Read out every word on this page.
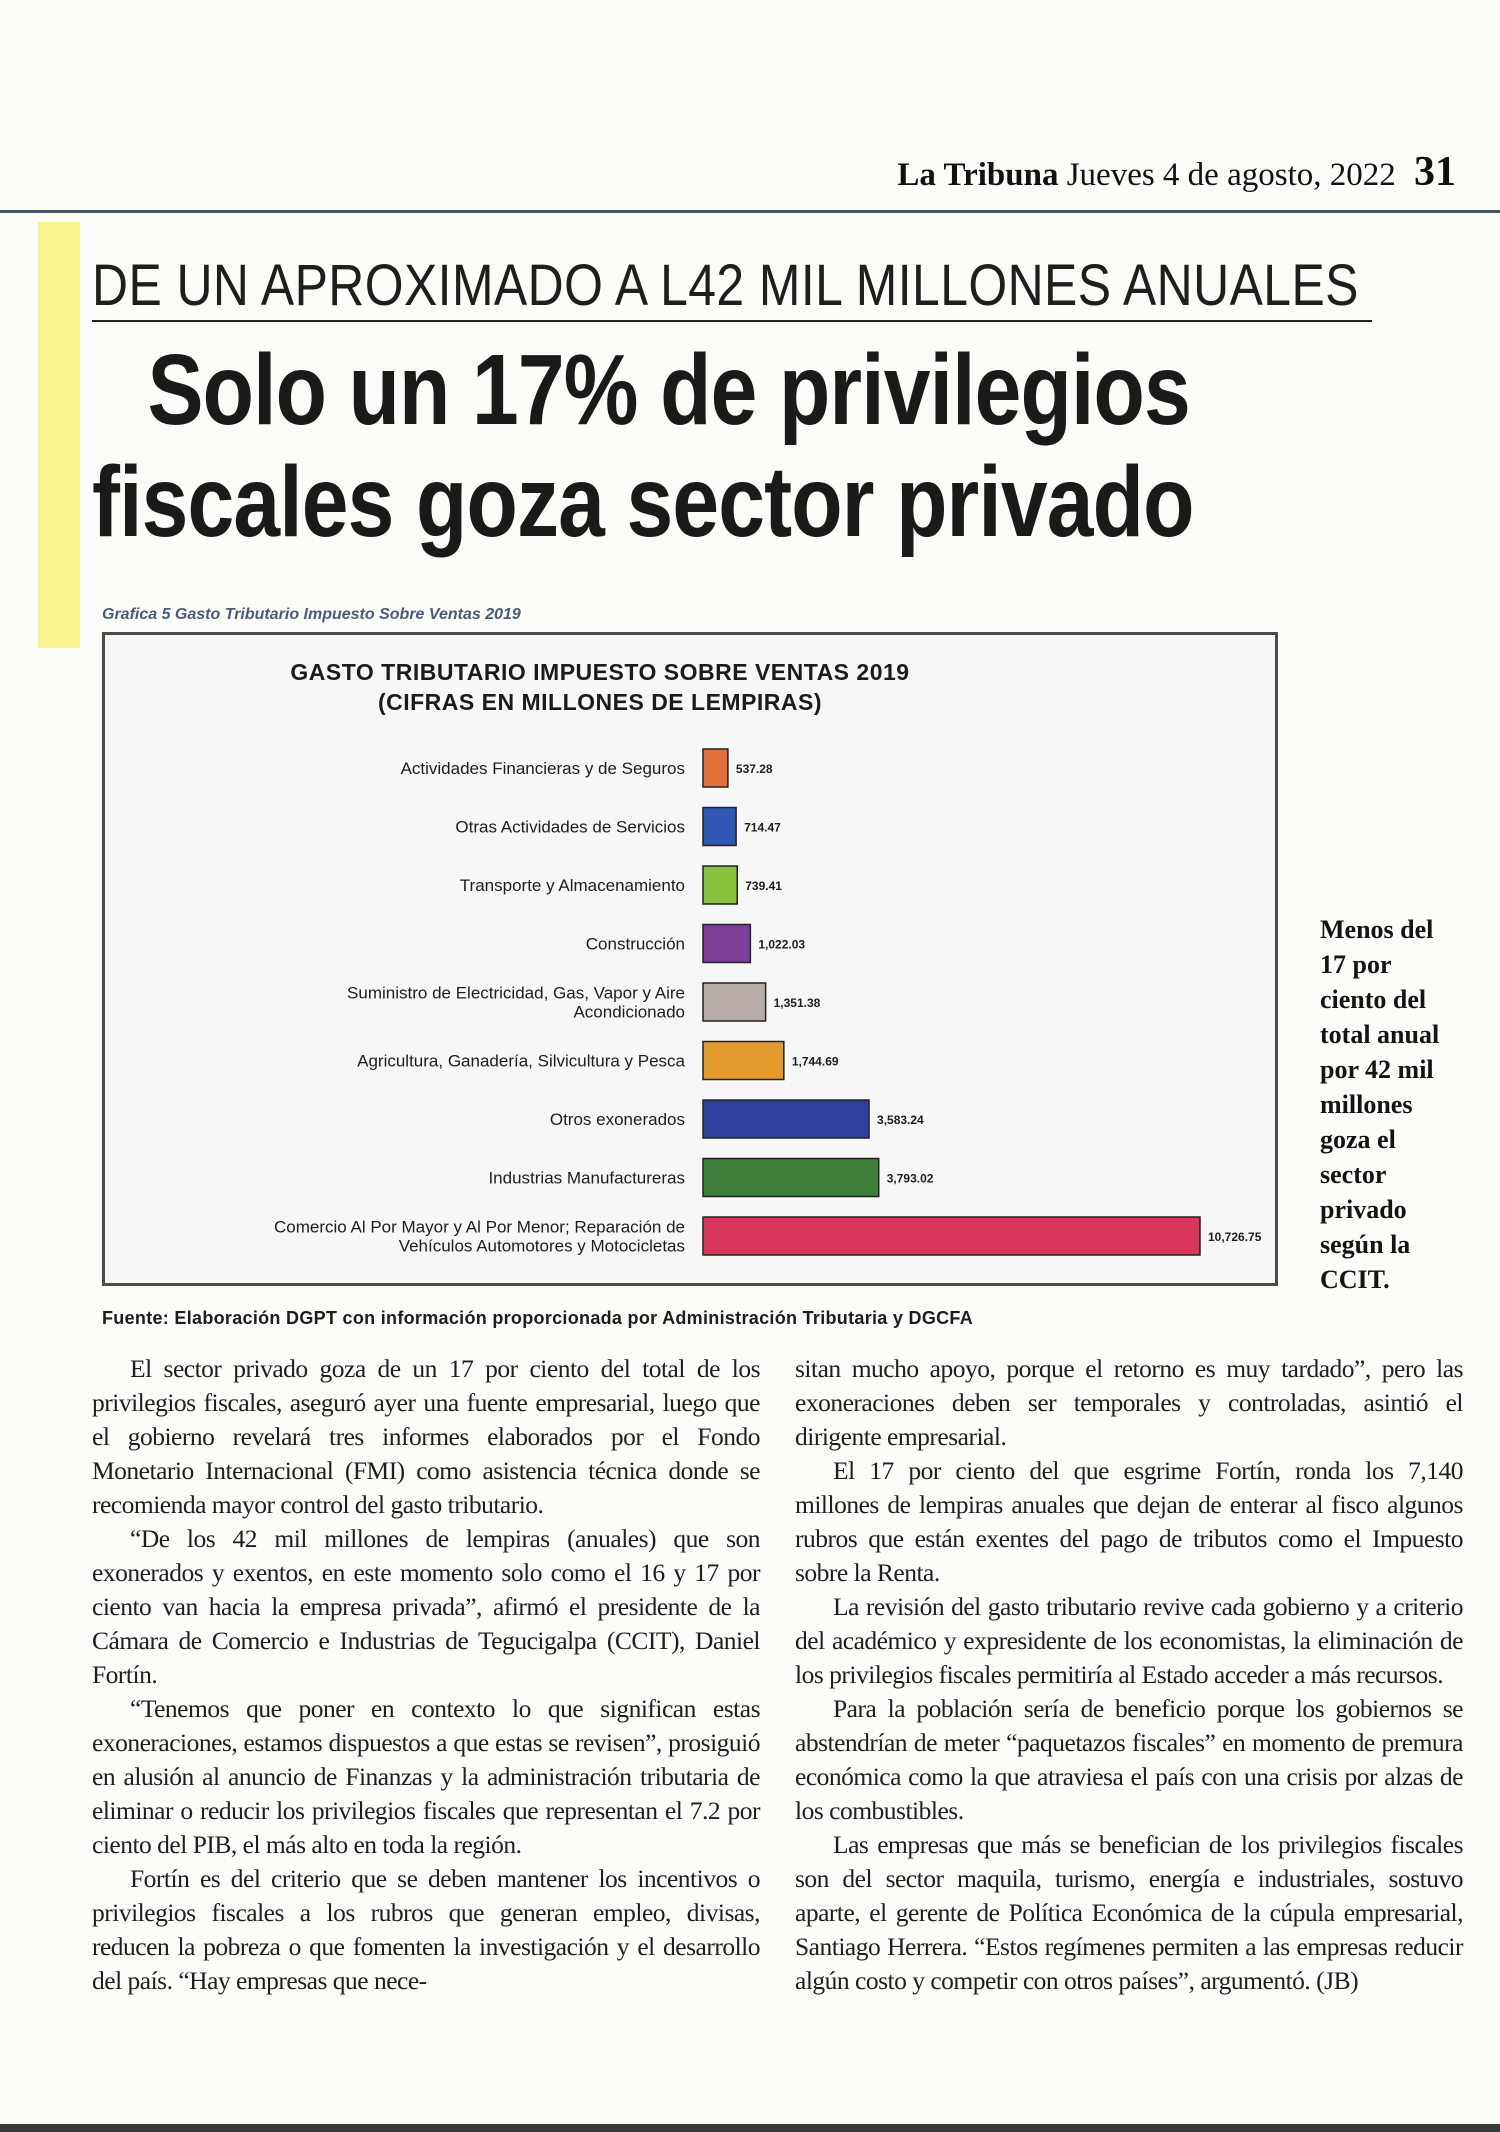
La Tribuna Jueves 4 de agosto, 2022 31
DE UN APROXIMADO A L42 MIL MILLONES ANUALES
Solo un 17% de privilegios
fiscales goza sector privado
Grafica 5 Gasto Tributario Impuesto Sobre Ventas 2019
GASTO TRIBUTARIO IMPUESTO SOBRE VENTAS 2019
(CIFRAS EN MILLONES DE LEMPIRAS)
Actividades Financieras y de Seguros	537.28
Otras Actividades de Servicios	714.47
Transporte y Almacenamiento	739.41
Construcción	1,022.03
Suministro de Electricidad, Gas, Vapor y Aire
Acondicionado	1,351.38
Agricultura, Ganadería, Silvicultura y Pesca	1,744.69
Otros exonerados	3,583.24
Industrias Manufactureras	3,793.02
Comercio Al Por Mayor y Al Por Menor; Reparación de
Vehículos Automotores y Motocicletas	10,726.75
Fuente: Elaboración DGPT con información proporcionada por Administración Tributaria y DGCFA
Menos del 17 por ciento del total anual por 42 mil millones goza el sector privado según la CCIT.

El sector privado goza de un 17 por ciento del total de los privilegios fiscales, aseguró ayer una fuente empresarial, luego que el gobierno revelará tres informes elaborados por el Fondo Monetario Internacional (FMI) como asistencia técnica donde se recomienda mayor control del gasto tributario.

“De los 42 mil millones de lempiras (anuales) que son exonerados y exentos, en este momento solo como el 16 y 17 por ciento van hacia la empresa privada”, afirmó el presidente de la Cámara de Comercio e Industrias de Tegucigalpa (CCIT), Daniel Fortín.

“Tenemos que poner en contexto lo que significan estas exoneraciones, estamos dispuestos a que estas se revisen”, prosiguió en alusión al anuncio de Finanzas y la administración tributaria de eliminar o reducir los privilegios fiscales que representan el 7.2 por ciento del PIB, el más alto en toda la región.

Fortín es del criterio que se deben mantener los incentivos o privilegios fiscales a los rubros que generan empleo, divisas, reducen la pobreza o que fomenten la investigación y el desarrollo del país. “Hay empresas que nece-

sitan mucho apoyo, porque el retorno es muy tardado”, pero las exoneraciones deben ser temporales y controladas, asintió el dirigente empresarial.

El 17 por ciento del que esgrime Fortín, ronda los 7,140 millones de lempiras anuales que dejan de enterar al fisco algunos rubros que están exentes del pago de tributos como el Impuesto sobre la Renta.

La revisión del gasto tributario revive cada gobierno y a criterio del académico y expresidente de los economistas, la eliminación de los privilegios fiscales permitiría al Estado acceder a más recursos.

Para la población sería de beneficio porque los gobiernos se abstendrían de meter “paquetazos fiscales” en momento de premura económica como la que atraviesa el país con una crisis por alzas de los combustibles.

Las empresas que más se benefician de los privilegios fiscales son del sector maquila, turismo, energía e industriales, sostuvo aparte, el gerente de Política Económica de la cúpula empresarial, Santiago Herrera. “Estos regímenes permiten a las empresas reducir algún costo y competir con otros países”, argumentó. (JB)
